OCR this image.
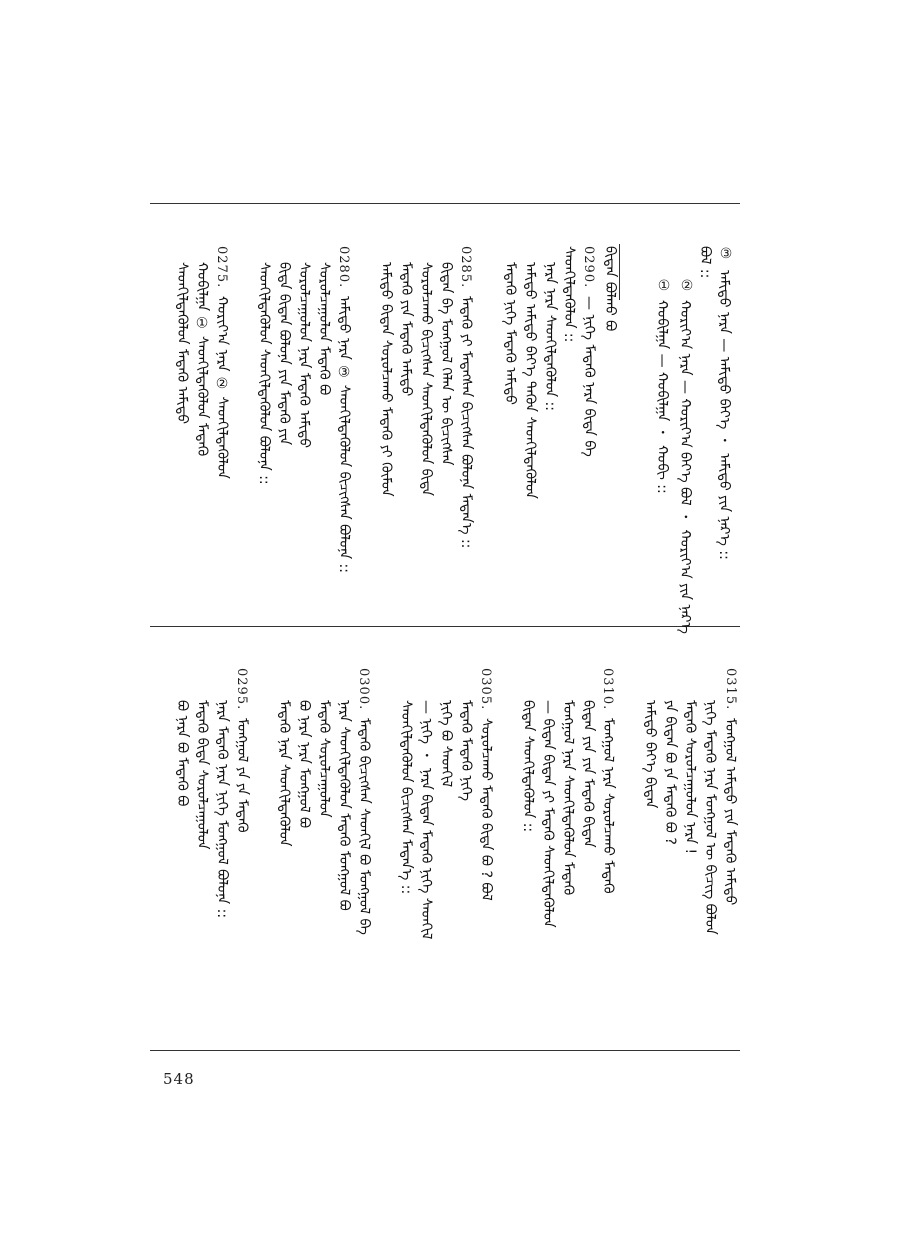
③
ᠠᠮᠢᠳᠤ ᠨᠡᠷᠡ — ᠠᠮᠢᠳᠤ ᠪᠡᠶ᠎ᠡ ・ ᠠᠮᠢᠳᠤ ᠶᠢᠨ ᠨᠡᠷ᠎ᠡ ::
ᠪᠣᠯ ::
②
ᠬᠤᠷᠢᠶ᠎ᠠ ᠨᠡᠷᠡ — ᠬᠤᠷᠢᠶ᠎ᠠ ᠪᠡᠶ᠎ᠡ ᠪᠣᠯ ・ ᠬᠤᠷᠢᠶ᠎ᠠ ᠶᠢᠨ ᠨᠡᠷ᠎ᠡ
①
ᠬᠤᠪᠢᠯᠭᠠ — ᠬᠤᠪᠢᠯᠭᠠ ・ ᠬᠤᠪᠢ ::
ᠪᠢᠳᠡᠨ ᠪᠤᠯᠬᠤ ᠪᠤ
0290.
— ᠨᠢᠭᠡ ᠮᠡᠳᠡᠬᠦ ᠨᠡᠷᠡ ᠪᠢᠳᠡ ᠪᠠ
ᠰᠡᠳᠬᠢᠯᠳᠡᠭᠦᠯᠦᠨ ::
ᠨᠡᠷᠡ ᠨᠡᠷᠡ ᠰᠡᠳᠬᠢᠯᠳᠡᠭᠦᠯᠦᠨ ::
ᠠᠮᠢᠳᠤ ᠠᠮᠢᠳᠤ ᠪᠡᠶ᠎ᠡ ᠲᠡᠭᠦᠨ ᠰᠡᠳᠬᠢᠯᠳᠡᠭᠦᠯᠦᠨ
ᠮᠡᠳᠡᠬᠦ ᠨᠢᠭᠡ ᠮᠡᠳᠡᠬᠦ ᠠᠮᠢᠳᠤ
0285.
ᠮᠡᠳᠡᠬᠦ ᠶᠢ ᠮᠡᠳᠡᠭᠰᠡᠨ ᠪᠢᠴᠢᠭᠰᠡᠨ ᠪᠣᠯᠤᠨᠠ ᠮᠡᠳᠡᠨ᠎ᠡ ::
ᠪᠢᠳᠡᠨ ᠪᠡ ᠮᠣᠩᠭᠣᠯ ᠬᠡᠯᠡᠨ ᠦ ᠪᠢᠴᠢᠭᠰᠡᠨ
ᠰᠤᠷᠤᠯᠴᠠᠬᠤ ᠪᠢᠴᠢᠭᠰᠡᠨ ᠰᠡᠳᠬᠢᠯᠳᠡᠭᠦᠯᠦᠨ ᠪᠢᠳᠡ
ᠮᠡᠳᠡᠬᠦ ᠶᠢᠨ ᠮᠡᠳᠡᠬᠦ ᠠᠮᠢᠳᠤ
ᠠᠮᠢᠳᠤ ᠪᠢᠳᠡᠨ ᠰᠤᠷᠤᠯᠴᠠᠬᠤ ᠮᠡᠳᠡᠬᠦ ᠶᠢ ᠬᠦᠮᠦᠨ
0280.
ᠠᠮᠢᠳᠤ ᠨᠡᠷᠡ ③ ᠰᠡᠳᠬᠢᠯᠳᠡᠭᠦᠯᠦᠨ ᠪᠢᠴᠢᠭᠰᠡᠨ ᠪᠣᠯᠤᠨᠠ ::
ᠰᠤᠷᠤᠯᠴᠠᠭᠤᠯᠤᠨ ᠮᠡᠳᠡᠬᠦ ᠪᠤ
ᠰᠤᠷᠤᠯᠴᠠᠭᠤᠯᠤᠨ ᠨᠡᠷᠡ ᠮᠡᠳᠡᠬᠦ ᠠᠮᠢᠳᠤ
ᠪᠢᠳᠡ ᠪᠢᠳᠡᠨ ᠪᠣᠯᠤᠨᠠ ᠶᠢᠨ ᠮᠡᠳᠡᠬᠦ ᠶᠢᠨ
ᠰᠡᠳᠬᠢᠯᠳᠡᠭᠦᠯᠦᠨ ᠰᠡᠳᠬᠢᠯᠳᠡᠭᠦᠯᠦᠨ ᠪᠣᠯᠤᠨᠠ ::
0275.
ᠬᠤᠷᠢᠶ᠎ᠠ ᠨᠡᠷᠡ ② ᠰᠡᠳᠬᠢᠯᠳᠡᠭᠦᠯᠦᠨ
ᠬᠤᠪᠢᠯᠭᠠ ① ᠰᠡᠳᠬᠢᠯᠳᠡᠭᠦᠯᠦᠨ ᠮᠡᠳᠡᠬᠦ
ᠰᠡᠳᠬᠢᠯᠳᠡᠭᠦᠯᠦᠨ ᠮᠡᠳᠡᠬᠦ ᠠᠮᠢᠳᠤ
0315.
ᠮᠣᠩᠭᠣᠯ ᠠᠮᠢᠳᠤ ᠶᠢᠨ ᠮᠡᠳᠡᠬᠦ ᠠᠮᠢᠳᠤ
ᠨᠢᠭᠡ ᠮᠡᠳᠡᠬᠦ ᠨᠡᠷᠡ ᠮᠣᠩᠭᠣᠯ ᠦ ᠪᠢᠴᠢᠭ ᠪᠣᠯᠤᠨ
ᠮᠡᠳᠡᠬᠦ ᠰᠤᠷᠤᠯᠴᠠᠭᠤᠯᠤᠨ ᠨᠡᠷᠡ !
ᠶᠠ ᠪᠢᠳᠡᠨ ᠪᠤ ᠶᠠ ᠮᠡᠳᠡᠬᠦ ᠪᠤ ?
ᠠᠮᠢᠳᠤ ᠪᠡᠶ᠎ᠡ ᠪᠢᠳᠡᠨ
0310.
ᠮᠣᠩᠭᠣᠯ ᠨᠡᠷᠡ ᠰᠤᠷᠤᠯᠴᠠᠬᠤ ᠮᠡᠳᠡᠬᠦ
ᠪᠢᠳᠡᠨ ᠶᠢᠨ ᠶᠢᠨ ᠮᠡᠳᠡᠬᠦ ᠪᠢᠳᠡᠨ
ᠮᠣᠩᠭᠣᠯ ᠨᠡᠷᠡ ᠰᠡᠳᠬᠢᠯᠳᠡᠭᠦᠯᠦᠨ ᠮᠡᠳᠡᠬᠦ
— ᠪᠢᠳᠡᠨ ᠪᠢᠳᠡᠨ ᠶᠢ ᠮᠡᠳᠡᠬᠦ ᠰᠡᠳᠬᠢᠯᠳᠡᠭᠦᠯᠦᠨ
ᠪᠢᠳᠡᠨ ᠰᠡᠳᠬᠢᠯᠳᠡᠭᠦᠯᠦᠨ ::
0305.
ᠰᠤᠷᠤᠯᠴᠠᠬᠤ ᠮᠡᠳᠡᠬᠦ ᠪᠢᠳᠡ ᠪᠤ ? ᠪᠣᠯ
ᠮᠡᠳᠡᠬᠦ ᠮᠡᠳᠡᠬᠦ ᠨᠢᠭᠡ
ᠨᠢᠭᠡ ᠪᠤ ᠰᠡᠳᠬᠢᠯ
— ᠨᠢᠭᠡ ・ ᠨᠡᠷᠡ ᠪᠢᠳᠡᠨ ᠮᠡᠳᠡᠬᠦ ᠨᠢᠭᠡ ᠰᠡᠳᠬᠢᠯ
ᠰᠡᠳᠬᠢᠯᠳᠡᠭᠦᠯᠦᠨ ᠪᠢᠴᠢᠭᠰᠡᠨ ᠮᠡᠳᠡᠨ᠎ᠡ ::
0300.
ᠮᠡᠳᠡᠬᠦ ᠪᠢᠴᠢᠭᠰᠡᠨ ᠰᠡᠳᠬᠢᠯ ᠪᠤ ᠮᠣᠩᠭᠣᠯ ᠪᠠ
ᠨᠡᠷᠡ ᠰᠡᠳᠬᠢᠯᠳᠡᠭᠦᠯᠦᠨ ᠮᠡᠳᠡᠬᠦ ᠮᠣᠩᠭᠣᠯ ᠪᠤ
ᠮᠡᠳᠡᠬᠦ ᠰᠤᠷᠤᠯᠴᠠᠭᠤᠯᠤᠨ
ᠪᠤ ᠨᠡᠷᠡ ᠨᠡᠷᠡ ᠮᠣᠩᠭᠣᠯ ᠪᠤ
ᠮᠡᠳᠡᠬᠦ ᠨᠡᠷᠡ ᠰᠡᠳᠬᠢᠯᠳᠡᠭᠦᠯᠦᠨ
0295.
ᠮᠣᠩᠭᠣᠯ ᠶᠠ ᠶᠠ ᠮᠡᠳᠡᠬᠦ
ᠨᠡᠷᠡ ᠮᠡᠳᠡᠬᠦ ᠨᠡᠷᠡ ᠨᠢᠭᠡ ᠮᠣᠩᠭᠣᠯ ᠪᠣᠯᠤᠨᠠ ::
ᠮᠡᠳᠡᠬᠦ ᠪᠢᠳᠡ ᠰᠤᠷᠤᠯᠴᠠᠭᠤᠯᠤᠨ
ᠪᠤ ᠨᠡᠷᠡ ᠪᠤ ᠮᠡᠳᠡᠬᠦ ᠪᠤ
548
